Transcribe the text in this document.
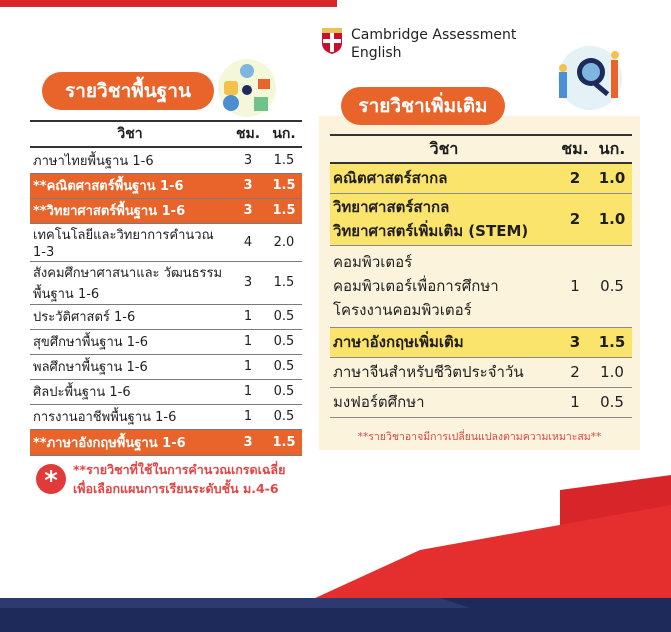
รายวิชาพื้นฐาน
วิชา	ชม.	นก.
ภาษาไทยพื้นฐาน 1-6	3	1.5
**คณิตศาสตร์พื้นฐาน 1-6	3	1.5
**วิทยาศาสตร์พื้นฐาน 1-6	3	1.5
เทคโนโลยีและวิทยาการคำนวณ 1-3	4	2.0
สังคมศึกษาศาสนาและ วัฒนธรรมพื้นฐาน 1-6	3	1.5
ประวัติศาสตร์ 1-6	1	0.5
สุขศึกษาพื้นฐาน 1-6	1	0.5
พลศึกษาพื้นฐาน 1-6	1	0.5
ศิลปะพื้นฐาน 1-6	1	0.5
การงานอาชีพพื้นฐาน 1-6	1	0.5
**ภาษาอังกฤษพื้นฐาน 1-6	3	1.5
*	**รายวิชาที่ใช้ในการคำนวณเกรดเฉลี่ย
เพื่อเลือกแผนการเรียนระดับชั้น ม.4-6
Cambridge Assessment
English
รายวิชาเพิ่มเติม
วิชา	ชม.	นก.

คณิตศาสตร์สากล	2	1.0

วิทยาศาสตร์สากล
วิทยาศาสตร์เพิ่มเติม (STEM)	2	1.0

คอมพิวเตอร์
คอมพิวเตอร์เพื่อการศึกษา
โครงงานคอมพิวเตอร์	1	0.5

ภาษาอังกฤษเพิ่มเติม	3	1.5

ภาษาจีนสำหรับชีวิตประจำวัน	2	1.0

มงฟอร์ตศึกษา	1	0.5
**รายวิชาอาจมีการเปลี่ยนแปลงตามความเหมาะสม**
